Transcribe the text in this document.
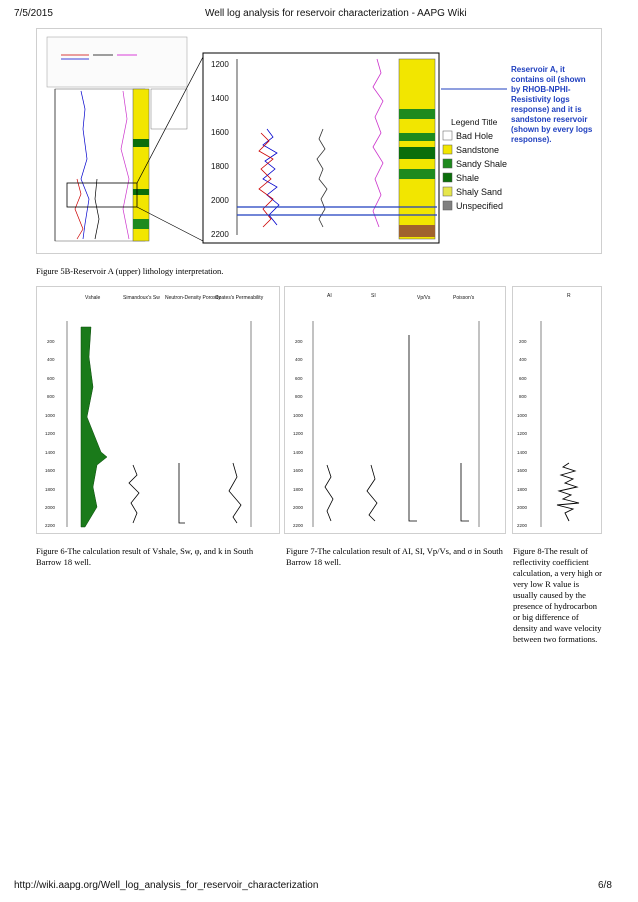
7/5/2015	Well log analysis for reservoir characterization - AAPG Wiki
1200
1400
1600
1800
2000
2200
Legend Title
Bad Hole
Sandstone
Sandy Shale
Shale
Shaly Sand
Unspecified
Reservoir A, it contains oil (shown by RHOB-NPHI-Resistivity logs response) and it is sandstone reservoir (shown by every logs response).
Figure 5B-Reservoir A (upper) lithology interpretation.
Vshale	Simandoux's Sw Neutron-Density Porosity
Coates's Permeability
200
400
600
800
1000
1200
1400
1600
1800
2000
2200
Figure 6-The calculation result of Vshale, Sw, φ, and k in South Barrow 18 well.
AI	SI	Vp/Vs	Poisson's
200
400
600
800
1000
1200
1400
1600
1800
2000
2200
Figure 7-The calculation result of AI, SI, Vp/Vs, and σ in South Barrow 18 well.
R
200
400
600
800
1000
1200
1400
1600
1800
2000
2200
Figure 8-The result of reflectivity coefficient calculation, a very high or very low R value is usually caused by the presence of hydrocarbon or big difference of density and wave velocity between two formations.
http://wiki.aapg.org/Well_log_analysis_for_reservoir_characterization	6/8
